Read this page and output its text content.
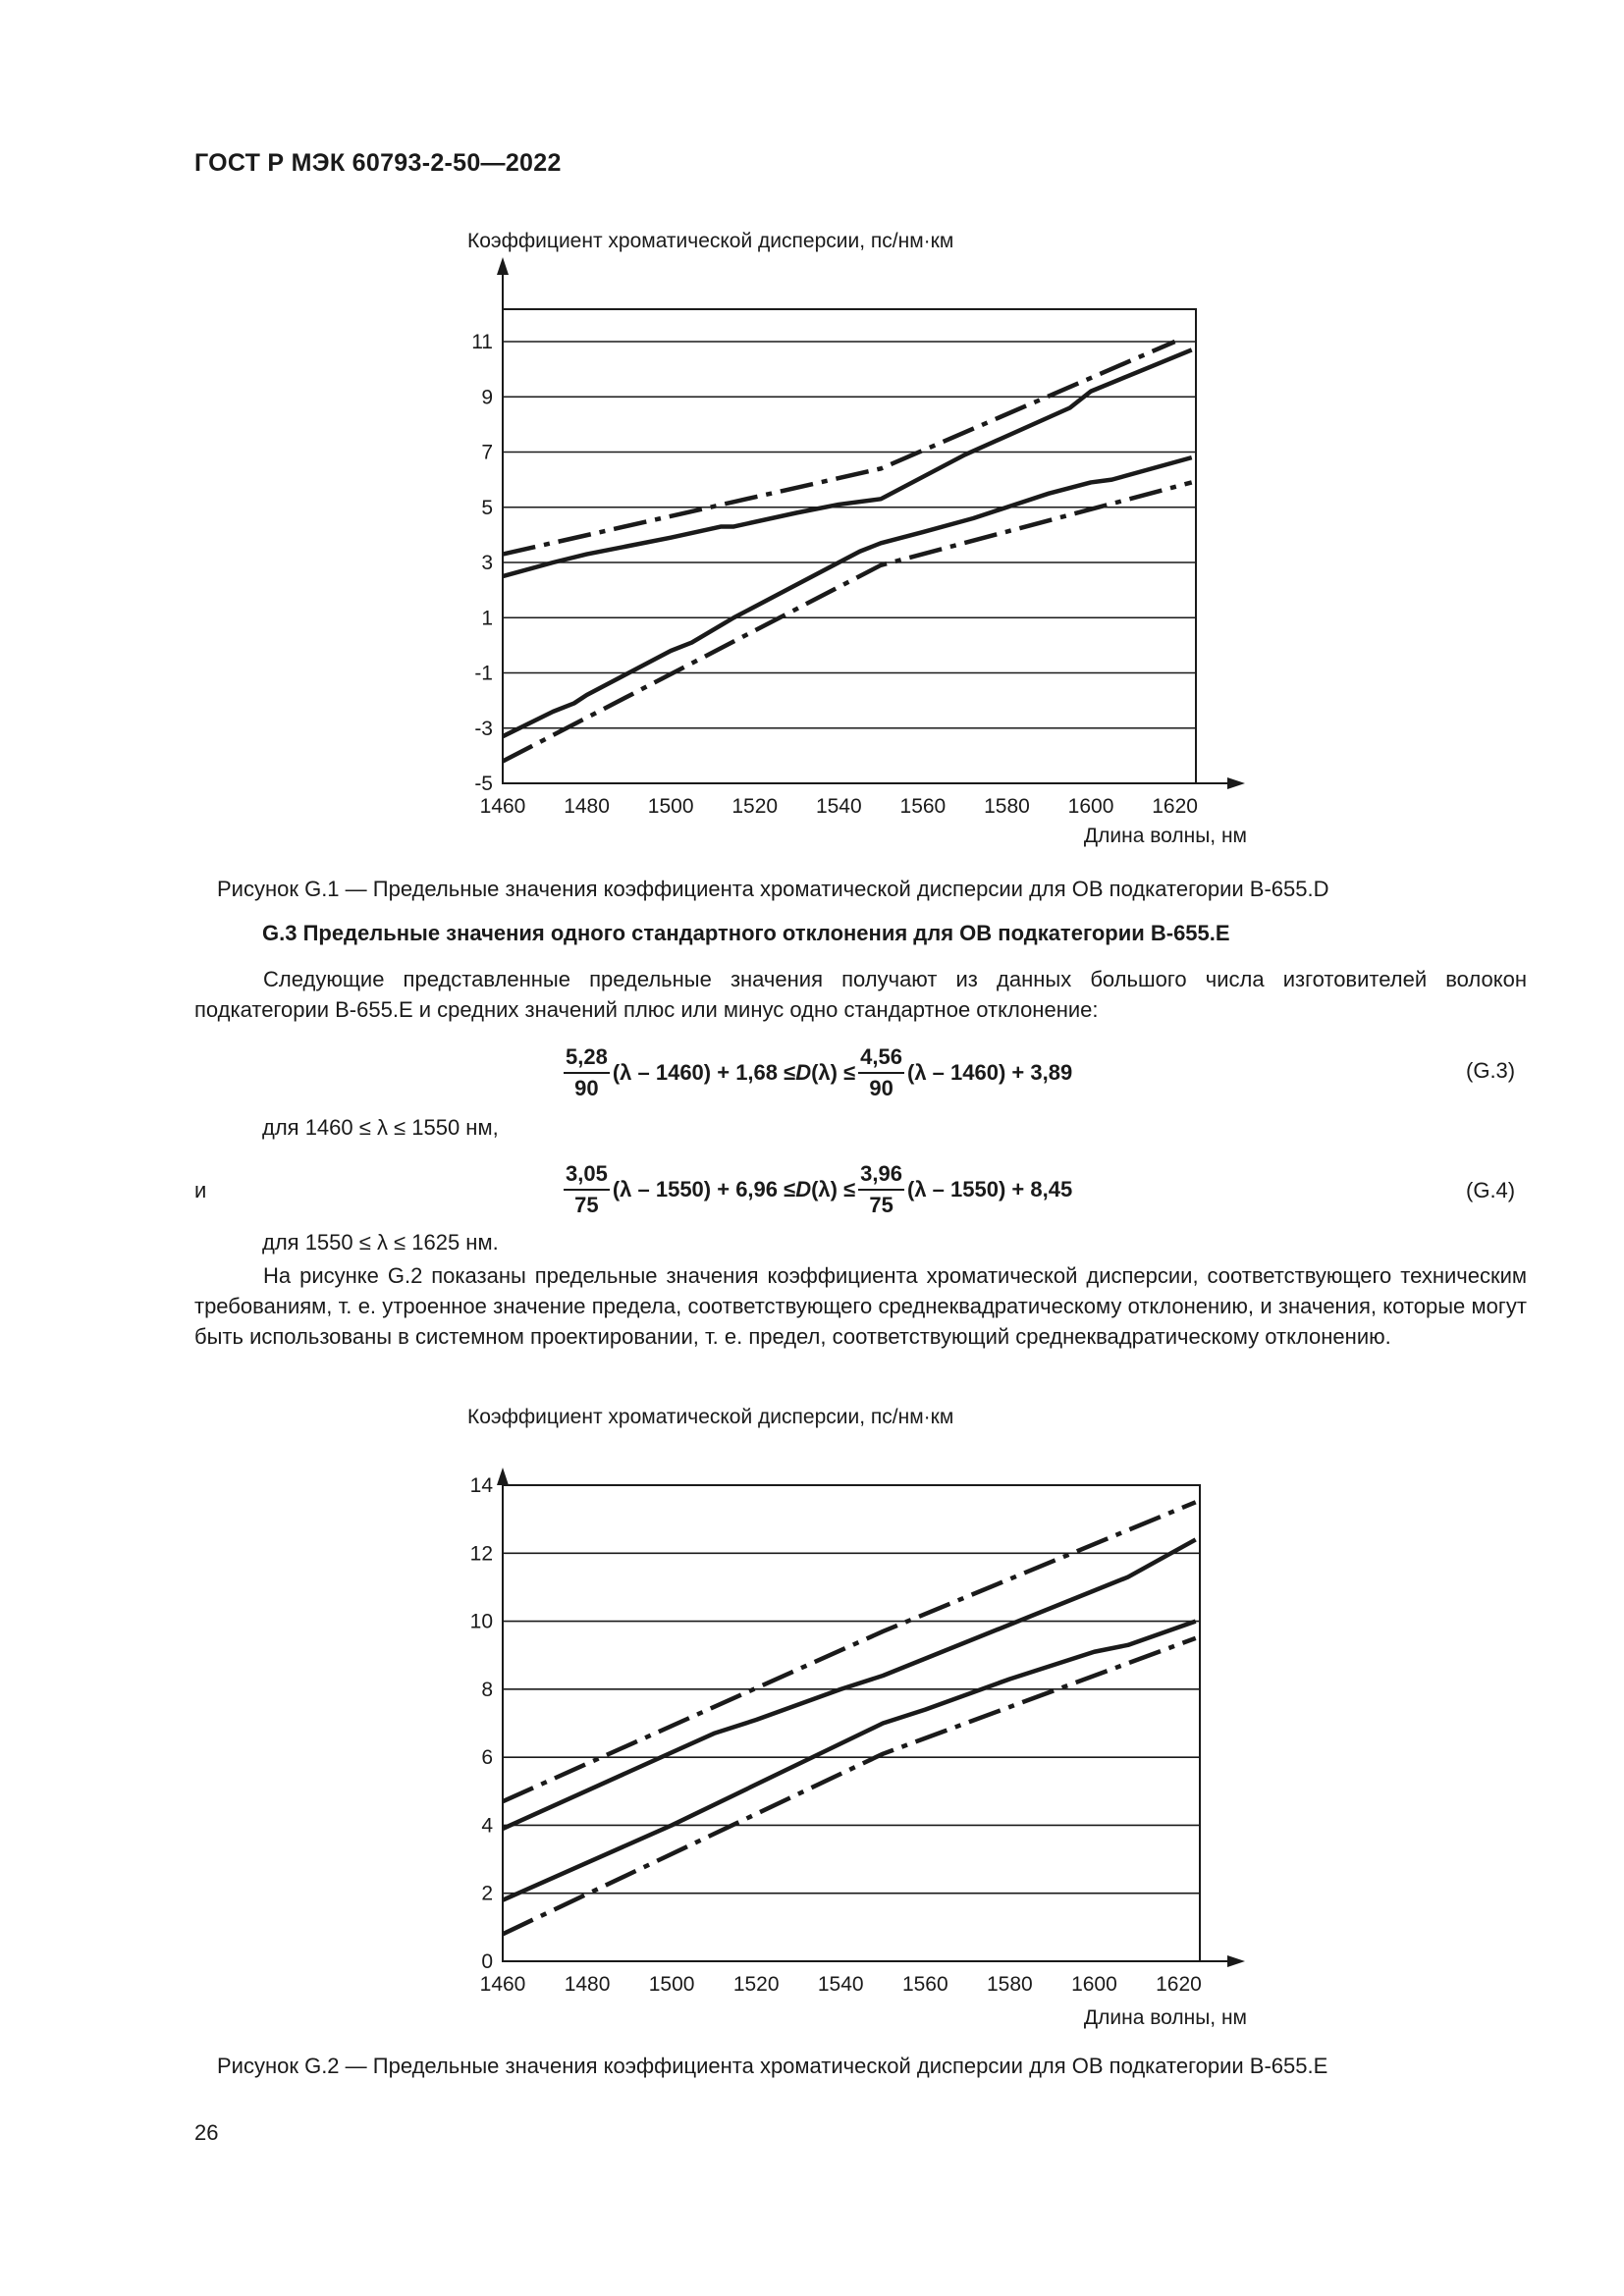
ГОСТ Р МЭК 60793-2-50—2022
Коэффициент хроматической дисперсии, пс/нм·км
-5
-3
-1
1
3
5
7
9
11
1460 1480 1500 1520 1540 1560 1580 1600 1620
Длина волны, нм
Рисунок G.1 — Предельные значения коэффициента хроматической дисперсии для ОВ подкатегории В-655.D
G.3 Предельные значения одного стандартного отклонения для ОВ подкатегории В-655.E
Следующие представленные предельные значения получают из данных большого числа изготовителей волокон подкатегории В-655.E и средних значений плюс или минус одно стандартное отклонение:
$\frac{5,28}{90} (\lambda - 1460) + 1,68 \le D$ $(\lambda) \le \frac{4,56}{90} (\lambda - 1460) + 3,89$	(G.3)
для 1460 ≤ λ ≤ 1550 нм,
и	$\frac{3,05}{75} (\lambda - 1550) + 6,96 \le D$ $(\lambda) \le \frac{3,96}{75} (\lambda - 1550) + 8,45$	(G.4)
для 1550 ≤ λ ≤ 1625 нм.
На рисунке G.2 показаны предельные значения коэффициента хроматической дисперсии, соответствующего техническим требованиям, т. е. утроенное значение предела, соответствующего среднеквадратическому отклонению, и значения, которые могут быть использованы в системном проектировании, т. е. предел, соответствующий среднеквадратическому отклонению.
Коэффициент хроматической дисперсии, пс/нм·км
0
2
4
6
8
10
12
14
1460 1480 1500 1520 1540 1560 1580 1600 1620
Длина волны, нм
Рисунок G.2 — Предельные значения коэффициента хроматической дисперсии для ОВ подкатегории В-655.E
26
